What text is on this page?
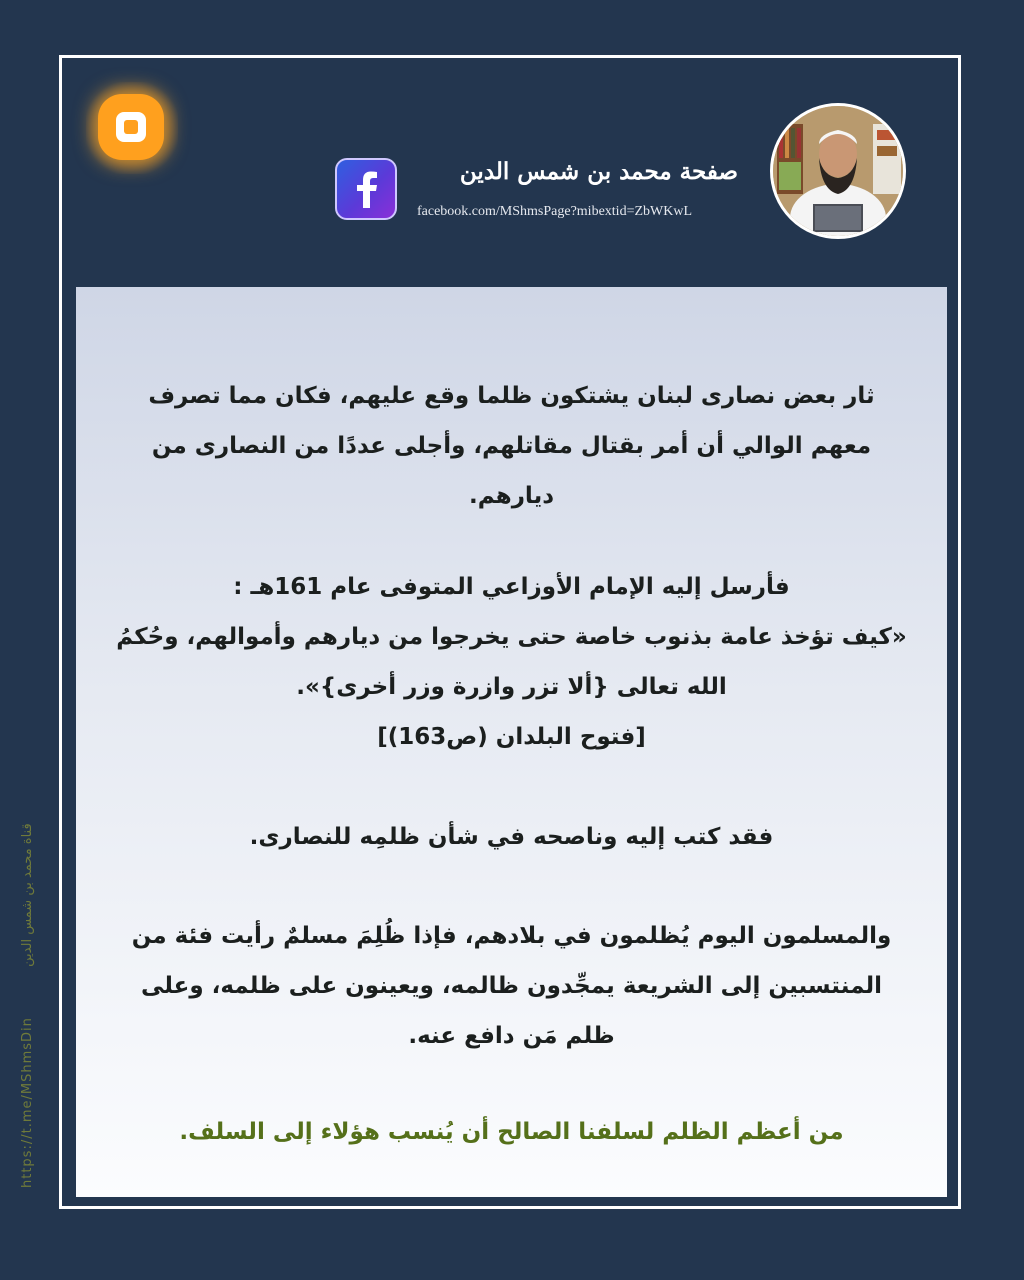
صفحة محمد بن شمس الدين
facebook.com/MShmsPage?mibextid=ZbWKwL
ثار بعض نصارى لبنان يشتكون ظلما وقع عليهم، فكان مما تصرف معهم الوالي أن أمر بقتال مقاتلهم، وأجلى عددًا من النصارى من ديارهم.
فأرسل إليه الإمام الأوزاعي المتوفى عام 161هـ :
«كيف تؤخذ عامة بذنوب خاصة حتى يخرجوا من ديارهم وأموالهم، وحُكمُ الله تعالى {ألا تزر وازرة وزر أخرى}».
[فتوح البلدان (ص163)]
فقد كتب إليه وناصحه في شأن ظلمِه للنصارى.
والمسلمون اليوم يُظلمون في بلادهم، فإذا ظُلِمَ مسلمٌ رأيت فئة من المنتسبين إلى الشريعة يمجِّدون ظالمه، ويعينون على ظلمه، وعلى ظلم مَن دافع عنه.
من أعظم الظلم لسلفنا الصالح أن يُنسب هؤلاء إلى السلف.
https://t.me/MShmsDin  قناة محمد بن شمس الدين
